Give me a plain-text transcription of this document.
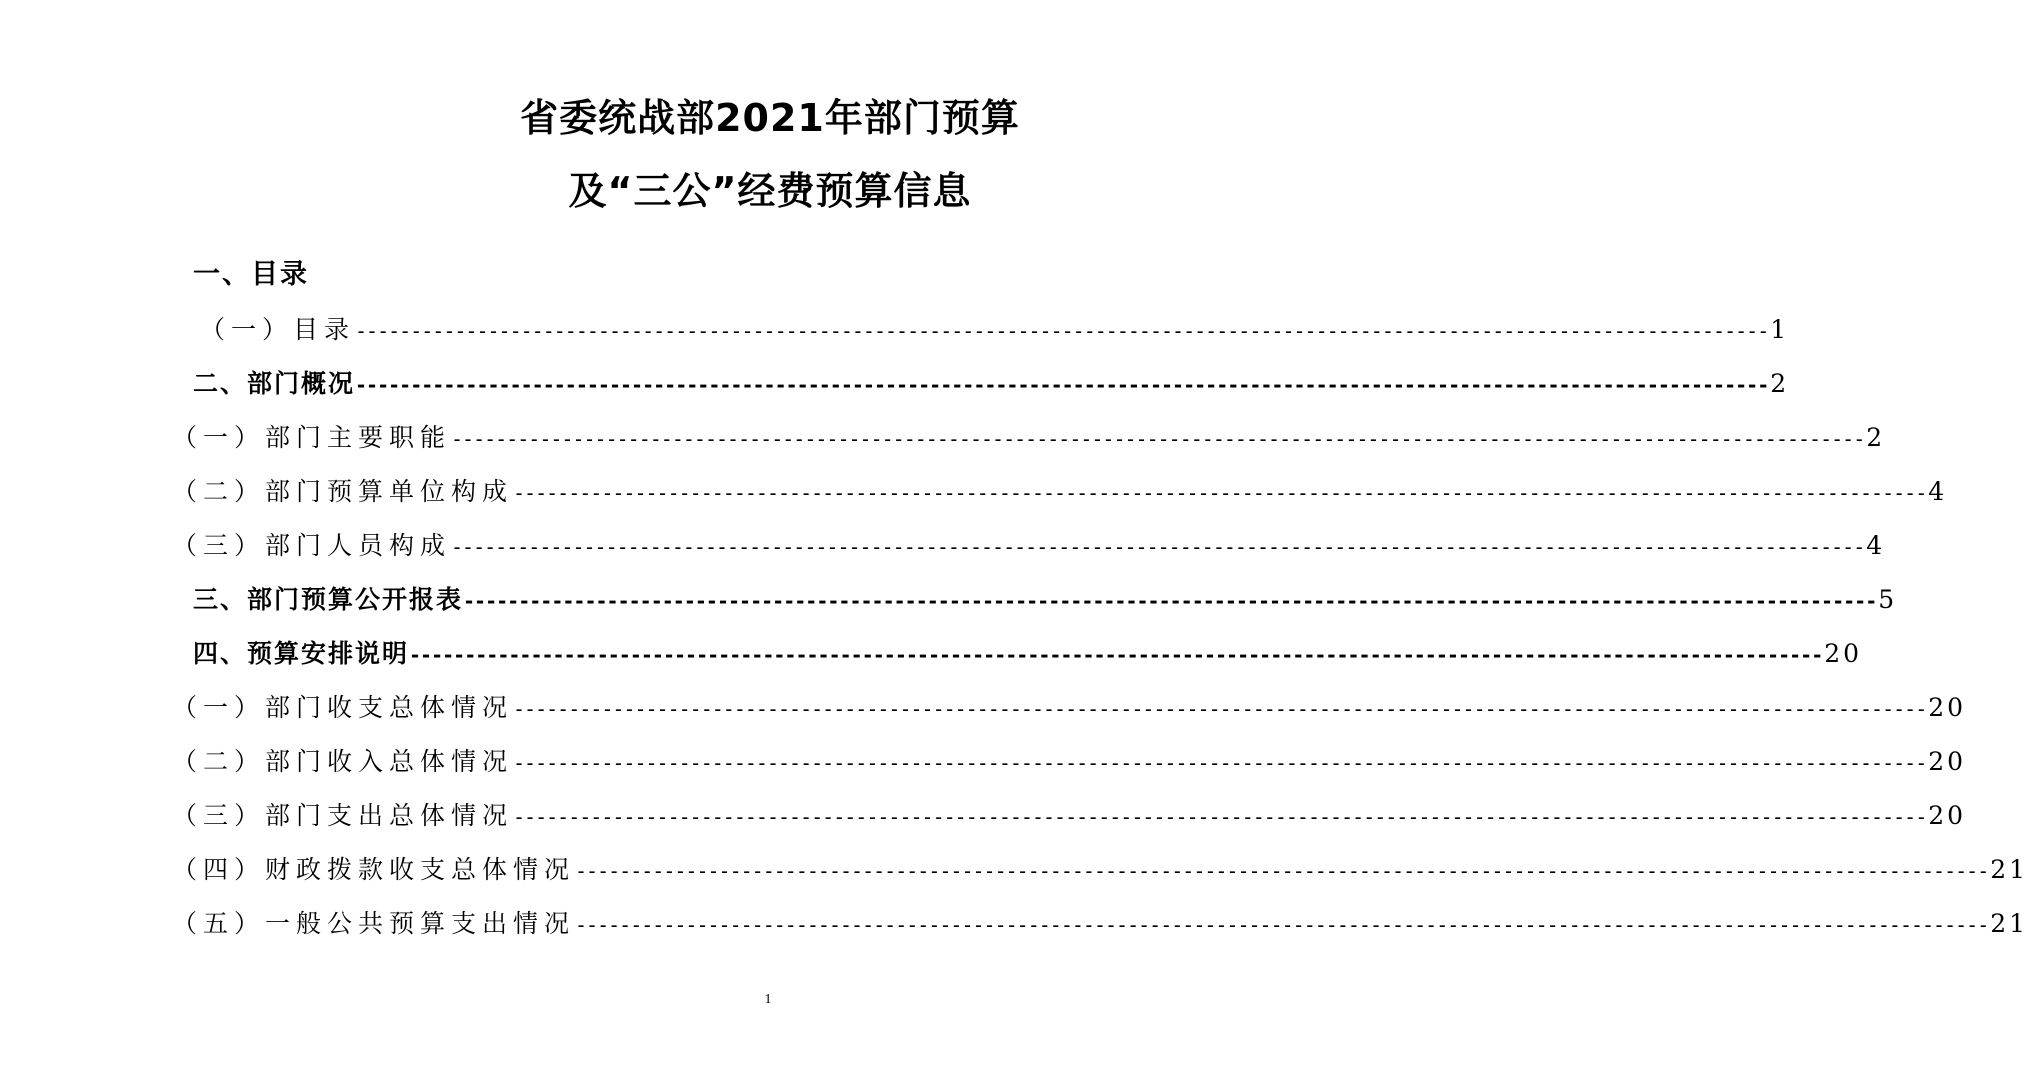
省委统战部2021年部门预算
及“三公”经费预算信息
一、目录
（一）目录 -------------------------------------------------------------------------------------------------------------------------------- 1
二、部门概况 -------------------------------------------------------------------------------------------------------------------------------- 2
（一）部门主要职能 -------------------------------------------------------------------------------------------------------------------------------- 2
（二）部门预算单位构成 -------------------------------------------------------------------------------------------------------------------------------- 4
（三）部门人员构成 -------------------------------------------------------------------------------------------------------------------------------- 4
三、部门预算公开报表 -------------------------------------------------------------------------------------------------------------------------------- 5
四、预算安排说明 -------------------------------------------------------------------------------------------------------------------------------- 20
（一）部门收支总体情况 -------------------------------------------------------------------------------------------------------------------------------- 20
（二）部门收入总体情况 -------------------------------------------------------------------------------------------------------------------------------- 20
（三）部门支出总体情况 -------------------------------------------------------------------------------------------------------------------------------- 20
（四）财政拨款收支总体情况 -------------------------------------------------------------------------------------------------------------------------------- 21
（五）一般公共预算支出情况 -------------------------------------------------------------------------------------------------------------------------------- 21
1
